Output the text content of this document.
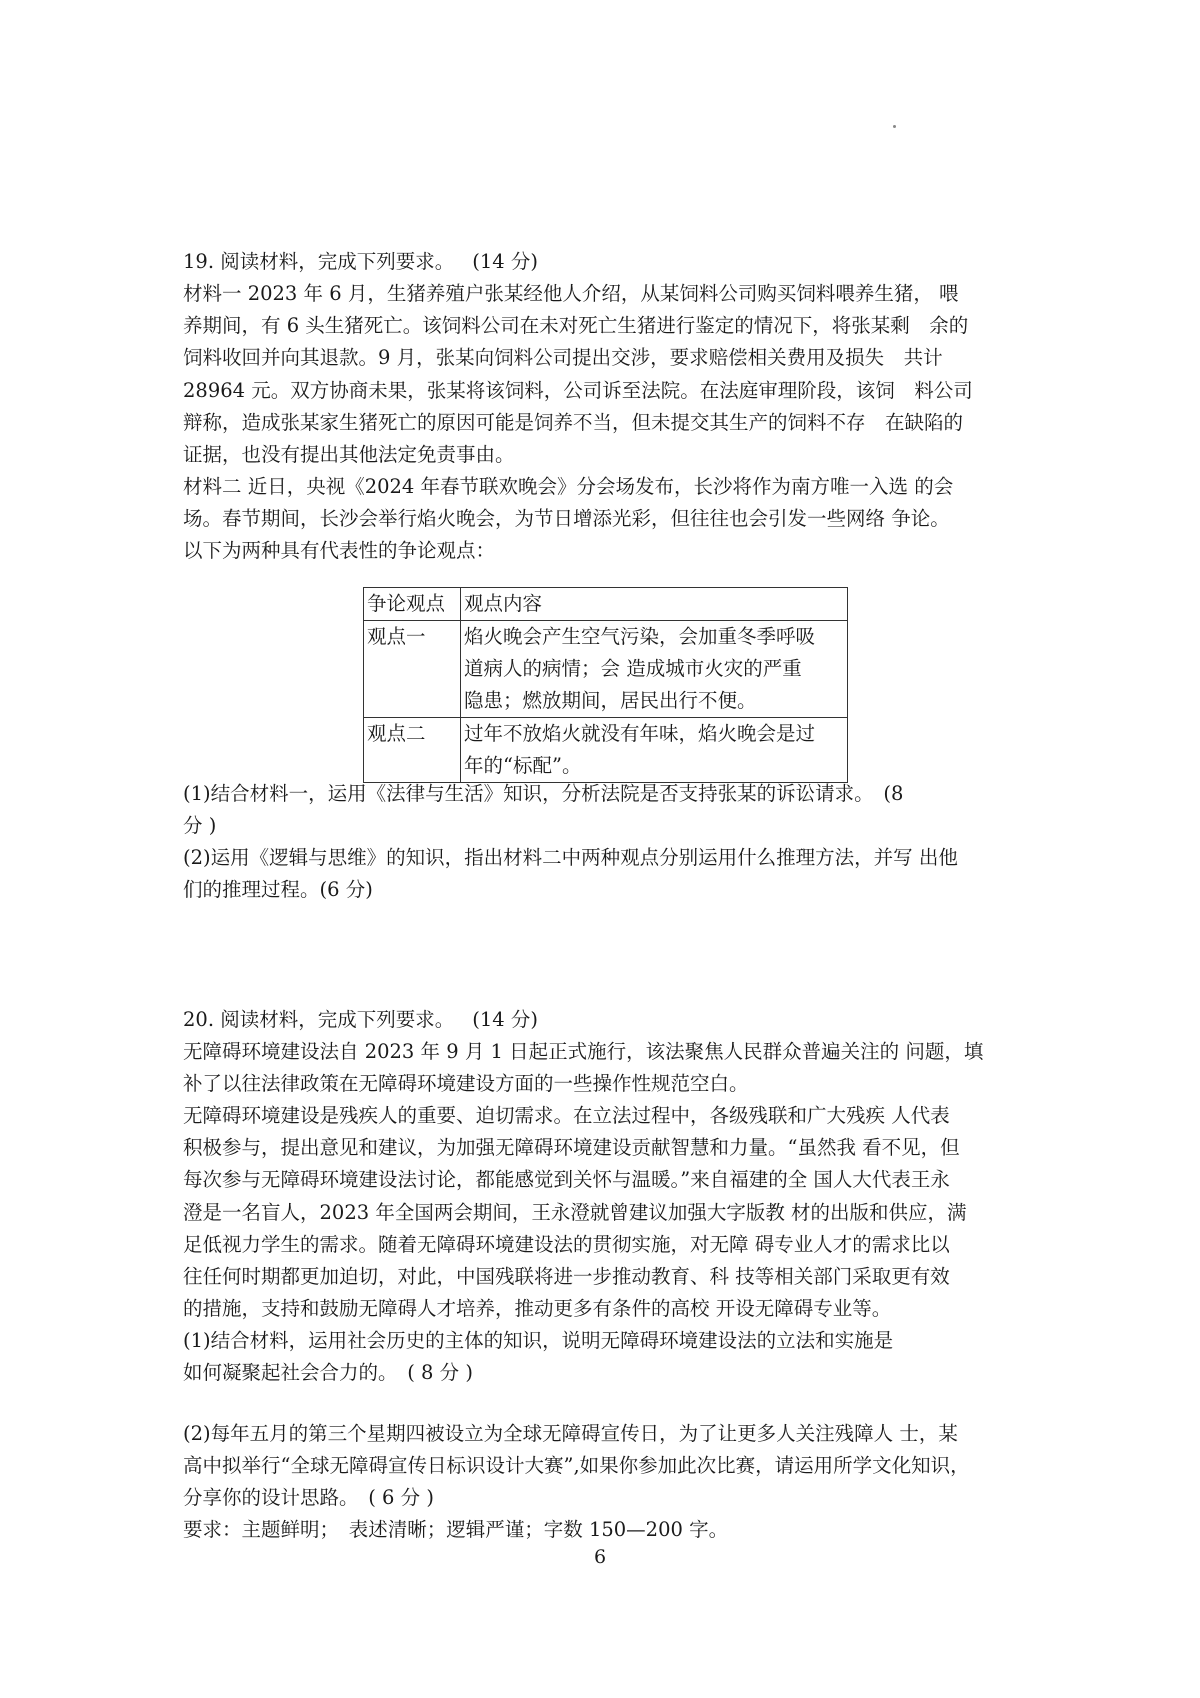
19. 阅读材料，完成下列要求。 (14 分)

材料一 2023 年 6 月，生猪养殖户张某经他人介绍，从某饲料公司购买饲料喂养生猪， 喂
养期间，有 6 头生猪死亡。该饲料公司在未对死亡生猪进行鉴定的情况下，将张某剩　余的
饲料收回并向其退款。9 月，张某向饲料公司提出交涉，要求赔偿相关费用及损失　共计
28964 元。双方协商未果，张某将该饲料，公司诉至法院。在法庭审理阶段，该饲　料公司
辩称，造成张某家生猪死亡的原因可能是饲养不当，但未提交其生产的饲料不存　在缺陷的
证据，也没有提出其他法定免责事由。

材料二 近日，央视《2024 年春节联欢晚会》分会场发布，长沙将作为南方唯一入选 的会
场。春节期间，长沙会举行焰火晚会，为节日增添光彩，但往往也会引发一些网络 争论。
以下为两种具有代表性的争论观点：

争论观点	观点内容
观点一	焰火晚会产生空气污染，会加重冬季呼吸
道病人的病情；会 造成城市火灾的严重
隐患；燃放期间，居民出行不便。

观点二	过年不放焰火就没有年味，焰火晚会是过
年的“标配”。

(1)结合材料一，运用《法律与生活》知识，分析法院是否支持张某的诉讼请求。　(8
分 )

(2)运用《逻辑与思维》的知识，指出材料二中两种观点分别运用什么推理方法，并写 出他
们的推理过程。(6 分)

20. 阅读材料，完成下列要求。 (14 分)

无障碍环境建设法自 2023 年 9 月 1 日起正式施行，该法聚焦人民群众普遍关注的 问题，填
补了以往法律政策在无障碍环境建设方面的一些操作性规范空白。

无障碍环境建设是残疾人的重要、迫切需求。在立法过程中，各级残联和广大残疾 人代表
积极参与，提出意见和建议，为加强无障碍环境建设贡献智慧和力量。“虽然我 看不见，但
每次参与无障碍环境建设法讨论，都能感觉到关怀与温暖。”来自福建的全 国人大代表王永
澄是一名盲人，2023 年全国两会期间，王永澄就曾建议加强大字版教 材的出版和供应，满
足低视力学生的需求。随着无障碍环境建设法的贯彻实施，对无障 碍专业人才的需求比以
往任何时期都更加迫切，对此，中国残联将进一步推动教育、科 技等相关部门采取更有效
的措施，支持和鼓励无障碍人才培养，推动更多有条件的高校 开设无障碍专业等。

(1)结合材料，运用社会历史的主体的知识，说明无障碍环境建设法的立法和实施是
如何凝聚起社会合力的。　( 8 分 )

(2)每年五月的第三个星期四被设立为全球无障碍宣传日，为了让更多人关注残障人 士，某
高中拟举行“全球无障碍宣传日标识设计大赛”,如果你参加此次比赛，请运用所学文化知识，
分享你的设计思路。　( 6 分 )

要求：主题鲜明；　表述清晰；逻辑严谨；字数 150—200 字。

6
